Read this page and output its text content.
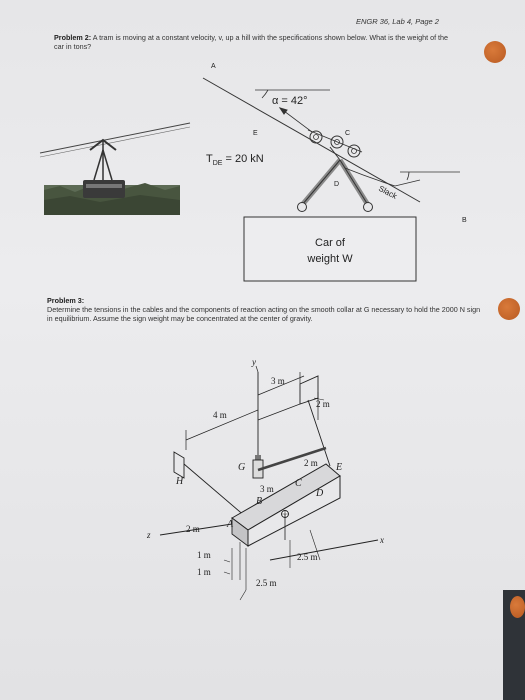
ENGR 36, Lab 4, Page 2
Problem 2: A tram is moving at a constant velocity, v, up a hill with the specifications shown below. What is the weight of the car in tons?
Problem 3:
Determine the tensions in the cables and the components of reaction acting on the smooth collar at G necessary to hold the 2000 N sign in equilibrium. Assume the sign weight may be concentrated at the center of gravity.
A
α = 42°
E	C
D
B
$T_{DE} = 20$ kN
Slack
Car of
weight W
y
x
z
3 m
2 m
4 m
G
H	C
E
D
B
A
2 m
3 m
2 m
1 m
1 m
2.5 m
2.5 m
